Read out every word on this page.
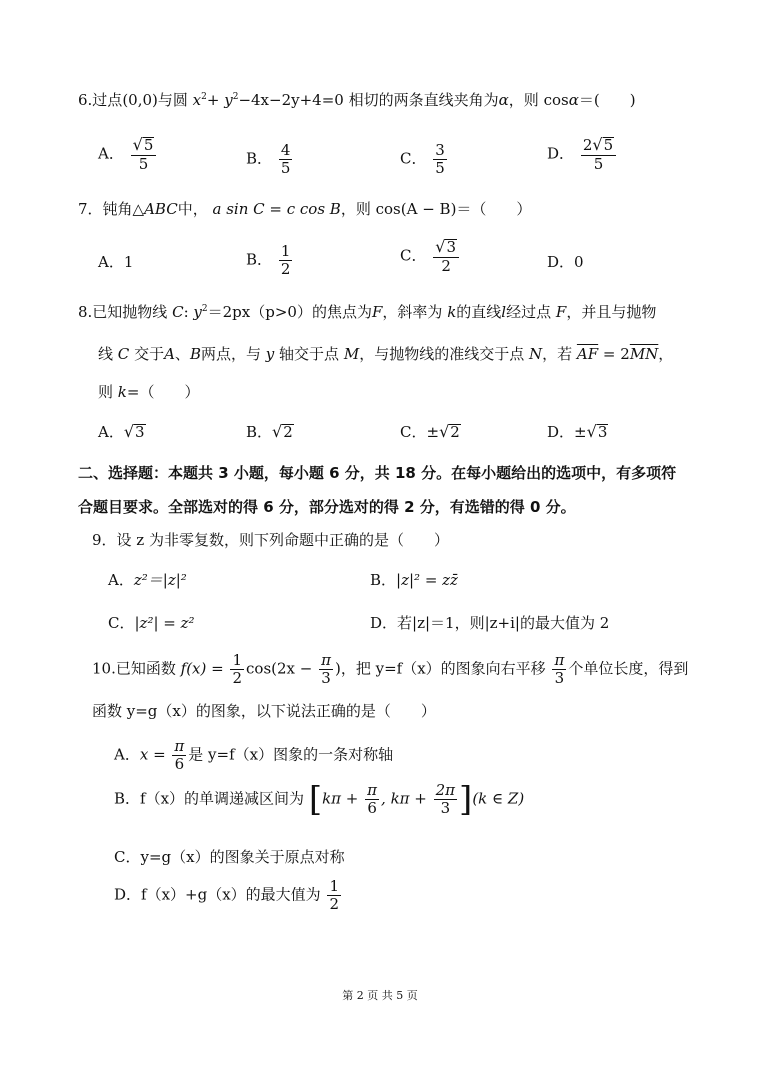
6.过点(0,0)与圆 $x^2+ y^2-4x-2y+4=0$ 相切的两条直线夹角为α，则 cosα＝(　　)
A． $\frac{√ 5}{5}$	B． $\frac{4}{5}$	C． $\frac{3}{5}$	D． $\frac{2 √ 5}{5}$
7．钝角△ABC中， a sin C = c cos B，则 cos(A − B)＝（　　）
A．1	B． $\frac{1}{2}$	C． $\frac{√ 3}{2}$	D．0
8.已知抛物线 C: $y^2=2px(p>0)$的焦点为F，斜率为 k的直线l经过点 F，并且与抛物
线 C 交于A、B两点，与 y 轴交于点 M，与抛物线的准线交于点 N，若 $\overline{AF} = 2\overline{MN}$，
则 k=（　　）
A． √ 3	B． √ 2	C．± √ 2	D．± √ 3
二、选择题：本题共 3 小题，每小题 6 分，共 18 分。在每小题给出的选项中，有多项符
合题目要求。全部选对的得 6 分，部分选对的得 2 分，有选错的得 0 分。
9．设 z 为非零复数，则下列命题中正确的是（　　）
A．z²＝|z|²	B．|z|² = zz̄
C．|z²| = z²	D．若|z|＝1，则|z+i|的最大值为 2
10.已知函数 $f(x) = \frac{1}{2} \cos(2x - \frac{\pi}{3}$ )，把 y=f（x）的图象向右平移 $\frac{\pi}{3}$ 个单位长度，得到
函数 y=g（x）的图象，以下说法正确的是（　　）
A．$x = \frac{\pi}{6}$ 是 y=f（x）图象的一条对称轴
B．f（x）的单调递减区间为 [$k\pi + \frac{\pi}{6}$ , $k\pi + \frac{2\pi}{3} ](k$ ∈ Z)
C．y=g（x）的图象关于原点对称
D．f（x）+g（x）的最大值为 $\frac{1}{2}$
第 2 页 共 5 页
